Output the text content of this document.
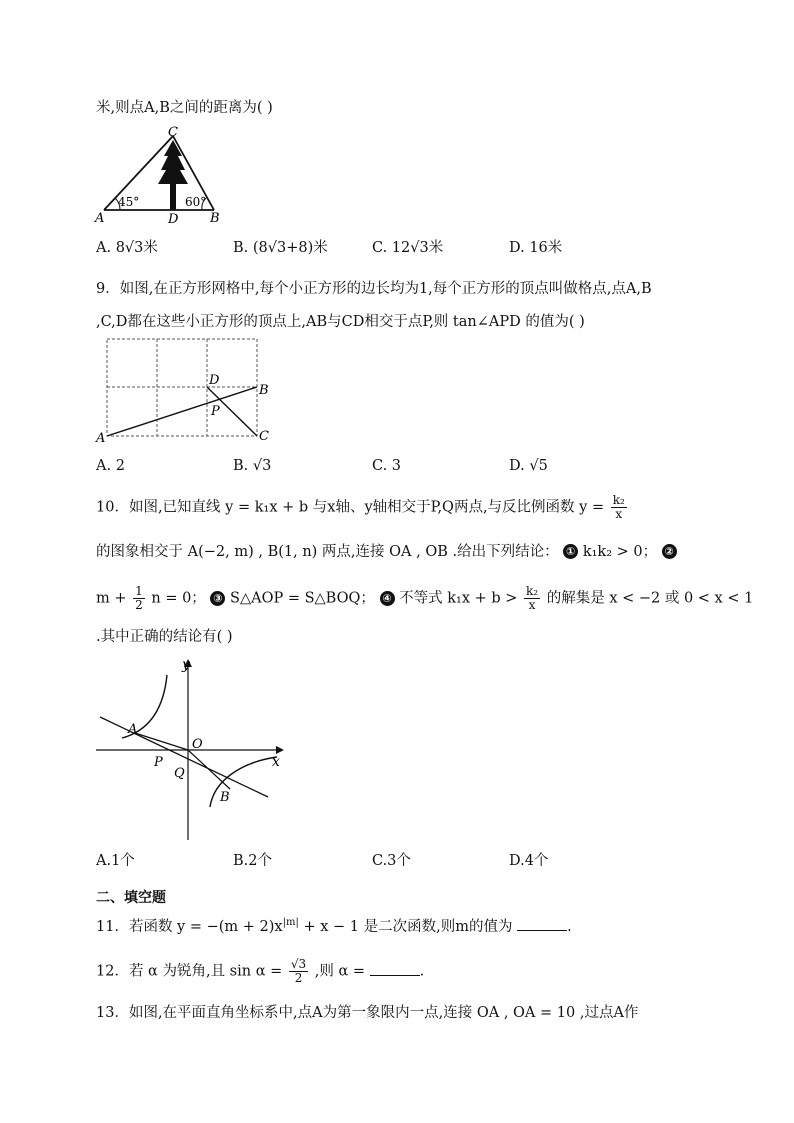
米,则点A,B之间的距离为( )
C
A	D B
45°	60°
A. 8√3米	B. (8√3+8)米	C. 12√3米	D. 16米
9．如图,在正方形网格中,每个小正方形的边长均为1,每个正方形的顶点叫做格点,点A,B
,C,D都在这些小正方形的顶点上,AB与CD相交于点P,则 tan∠APD 的值为( )
A
B
C
D
P
A. 2	B. √3	C. 3	D. √5
10．如图,已知直线 y = k₁x + b 与x轴、y轴相交于P,Q两点,与反比例函数 $y = \frac{\text{k₂}}{x}$
的图象相交于 A(−2, m) , B(1, n) 两点,连接 OA , OB .给出下列结论： ① k₁k₂ > 0； ②
$m + \frac{1}{2}$ n = 0； ③ S△AOP = S△BOQ； ④ 不等式 $k_1x + b > \frac{\text{k₂}}{x}$ 的解集是 x < −2 或 0 < x < 1
.其中正确的结论有( )
y
x
O
A
P
Q
B
A.1个	B.2个	C.3个	D.4个
二、填空题
11．若函数 $y = -(m + 2)x^{|m|} + x - 1$ 是二次函数,则m的值为	.
12．若 α 为锐角,且 $\sin \alpha = \frac{√3}{2}$ ,则 α =	.
13．如图,在平面直角坐标系中,点A为第一象限内一点,连接 OA , OA = 10 ,过点A作
